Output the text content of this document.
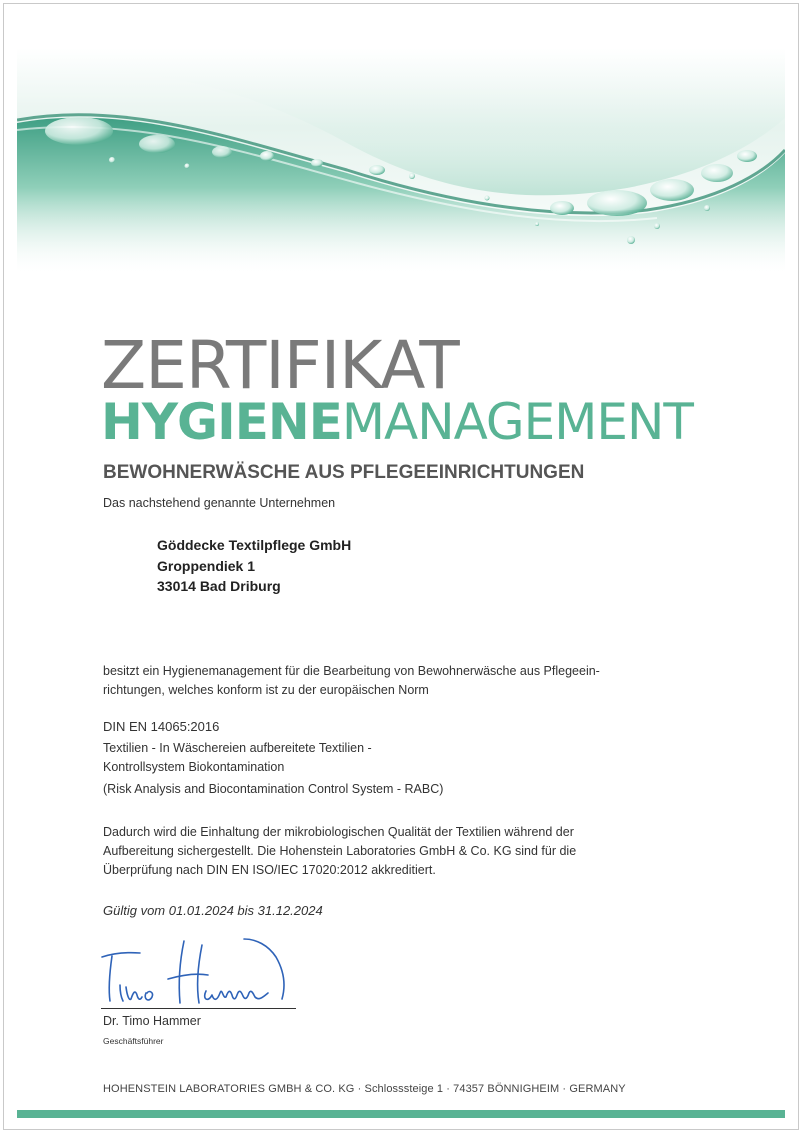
ZERTIFIKAT
HYGIENEMANAGEMENT
BEWOHNERWÄSCHE AUS PFLEGEEINRICHTUNGEN
Das nachstehend genannte Unternehmen
Göddecke Textilpflege GmbH
Groppendiek 1
33014 Bad Driburg
besitzt ein Hygienemanagement für die Bearbeitung von Bewohnerwäsche aus Pflegeein-
richtungen, welches konform ist zu der europäischen Norm
DIN EN 14065:2016
Textilien - In Wäschereien aufbereitete Textilien -
Kontrollsystem Biokontamination
(Risk Analysis and Biocontamination Control System - RABC)
Dadurch wird die Einhaltung der mikrobiologischen Qualität der Textilien während der
Aufbereitung sichergestellt. Die Hohenstein Laboratories GmbH & Co. KG sind für die
Überprüfung nach DIN EN ISO/IEC 17020:2012 akkreditiert.
Gültig vom 01.01.2024 bis 31.12.2024
Dr. Timo Hammer
Geschäftsführer
HOHENSTEIN LABORATORIES GMBH & CO. KG · Schlosssteige 1 · 74357 BÖNNIGHEIM · GERMANY
